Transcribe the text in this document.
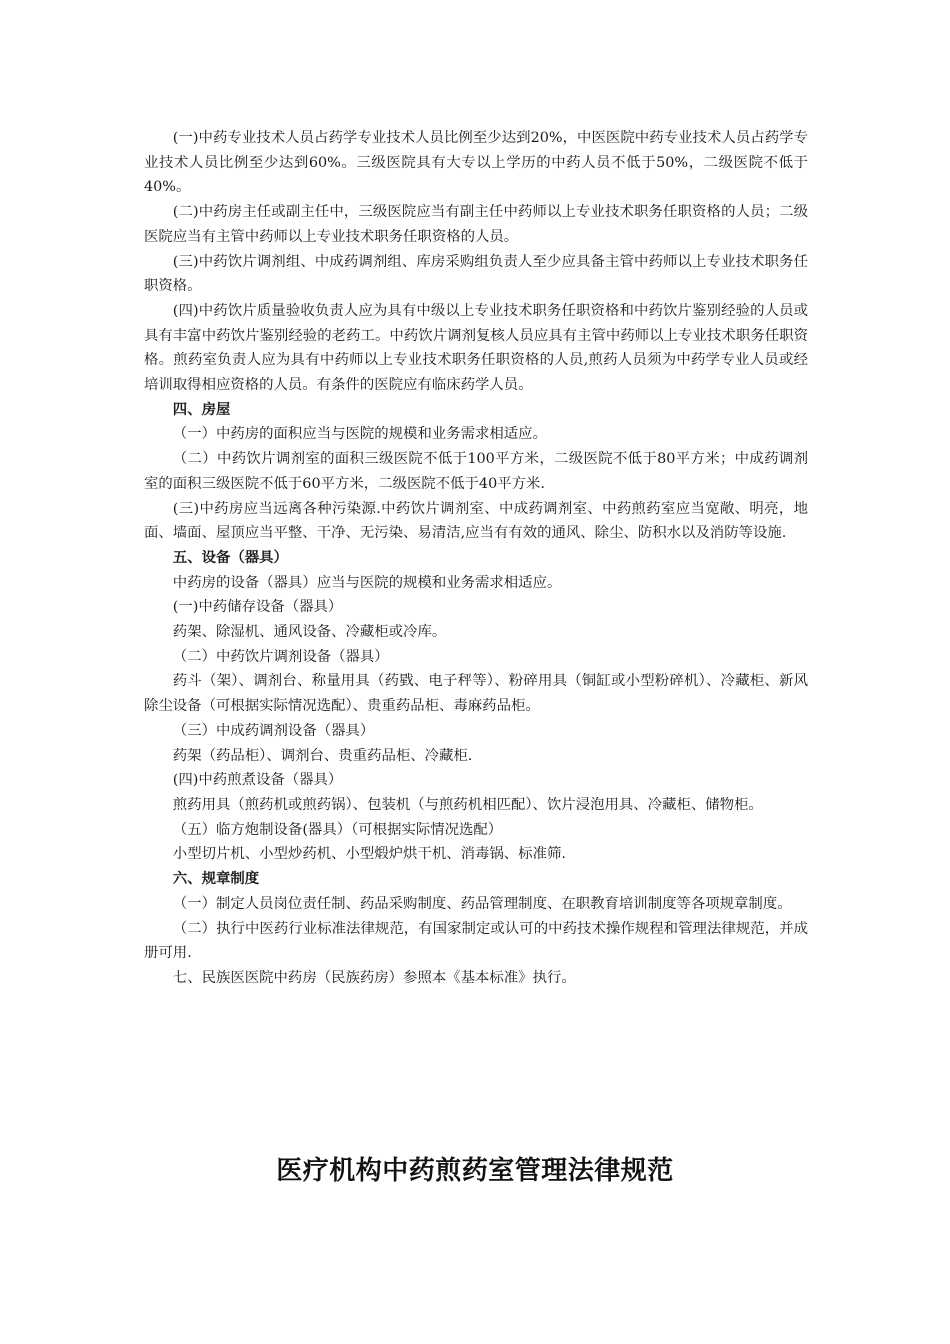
(一)中药专业技术人员占药学专业技术人员比例至少达到20%，中医医院中药专业技术人员占药学专业技术人员比例至少达到60%。三级医院具有大专以上学历的中药人员不低于50%，二级医院不低于40%。

(二)中药房主任或副主任中，三级医院应当有副主任中药师以上专业技术职务任职资格的人员；二级医院应当有主管中药师以上专业技术职务任职资格的人员。

(三)中药饮片调剂组、中成药调剂组、库房采购组负责人至少应具备主管中药师以上专业技术职务任职资格。

(四)中药饮片质量验收负责人应为具有中级以上专业技术职务任职资格和中药饮片鉴别经验的人员或具有丰富中药饮片鉴别经验的老药工。中药饮片调剂复核人员应具有主管中药师以上专业技术职务任职资格。煎药室负责人应为具有中药师以上专业技术职务任职资格的人员,煎药人员须为中药学专业人员或经培训取得相应资格的人员。有条件的医院应有临床药学人员。

四、房屋

（一）中药房的面积应当与医院的规模和业务需求相适应。

（二）中药饮片调剂室的面积三级医院不低于100平方米，二级医院不低于80平方米；中成药调剂室的面积三级医院不低于60平方米，二级医院不低于40平方米.

(三)中药房应当远离各种污染源.中药饮片调剂室、中成药调剂室、中药煎药室应当宽敞、明亮，地面、墙面、屋顶应当平整、干净、无污染、易清洁,应当有有效的通风、除尘、防积水以及消防等设施.

五、设备（器具）

中药房的设备（器具）应当与医院的规模和业务需求相适应。

(一)中药储存设备（器具）

药架、除湿机、通风设备、冷藏柜或冷库。

（二）中药饮片调剂设备（器具）

药斗（架）、调剂台、称量用具（药戥、电子秤等）、粉碎用具（铜缸或小型粉碎机）、冷藏柜、新风除尘设备（可根据实际情况选配）、贵重药品柜、毒麻药品柜。

（三）中成药调剂设备（器具）

药架（药品柜）、调剂台、贵重药品柜、冷藏柜.

(四)中药煎煮设备（器具）

煎药用具（煎药机或煎药锅）、包装机（与煎药机相匹配）、饮片浸泡用具、冷藏柜、储物柜。

（五）临方炮制设备(器具）（可根据实际情况选配）

小型切片机、小型炒药机、小型煅炉烘干机、消毒锅、标准筛.

六、规章制度

（一）制定人员岗位责任制、药品采购制度、药品管理制度、在职教育培训制度等各项规章制度。

（二）执行中医药行业标准法律规范，有国家制定或认可的中药技术操作规程和管理法律规范，并成册可用.

七、民族医医院中药房（民族药房）参照本《基本标准》执行。

医疗机构中药煎药室管理法律规范
